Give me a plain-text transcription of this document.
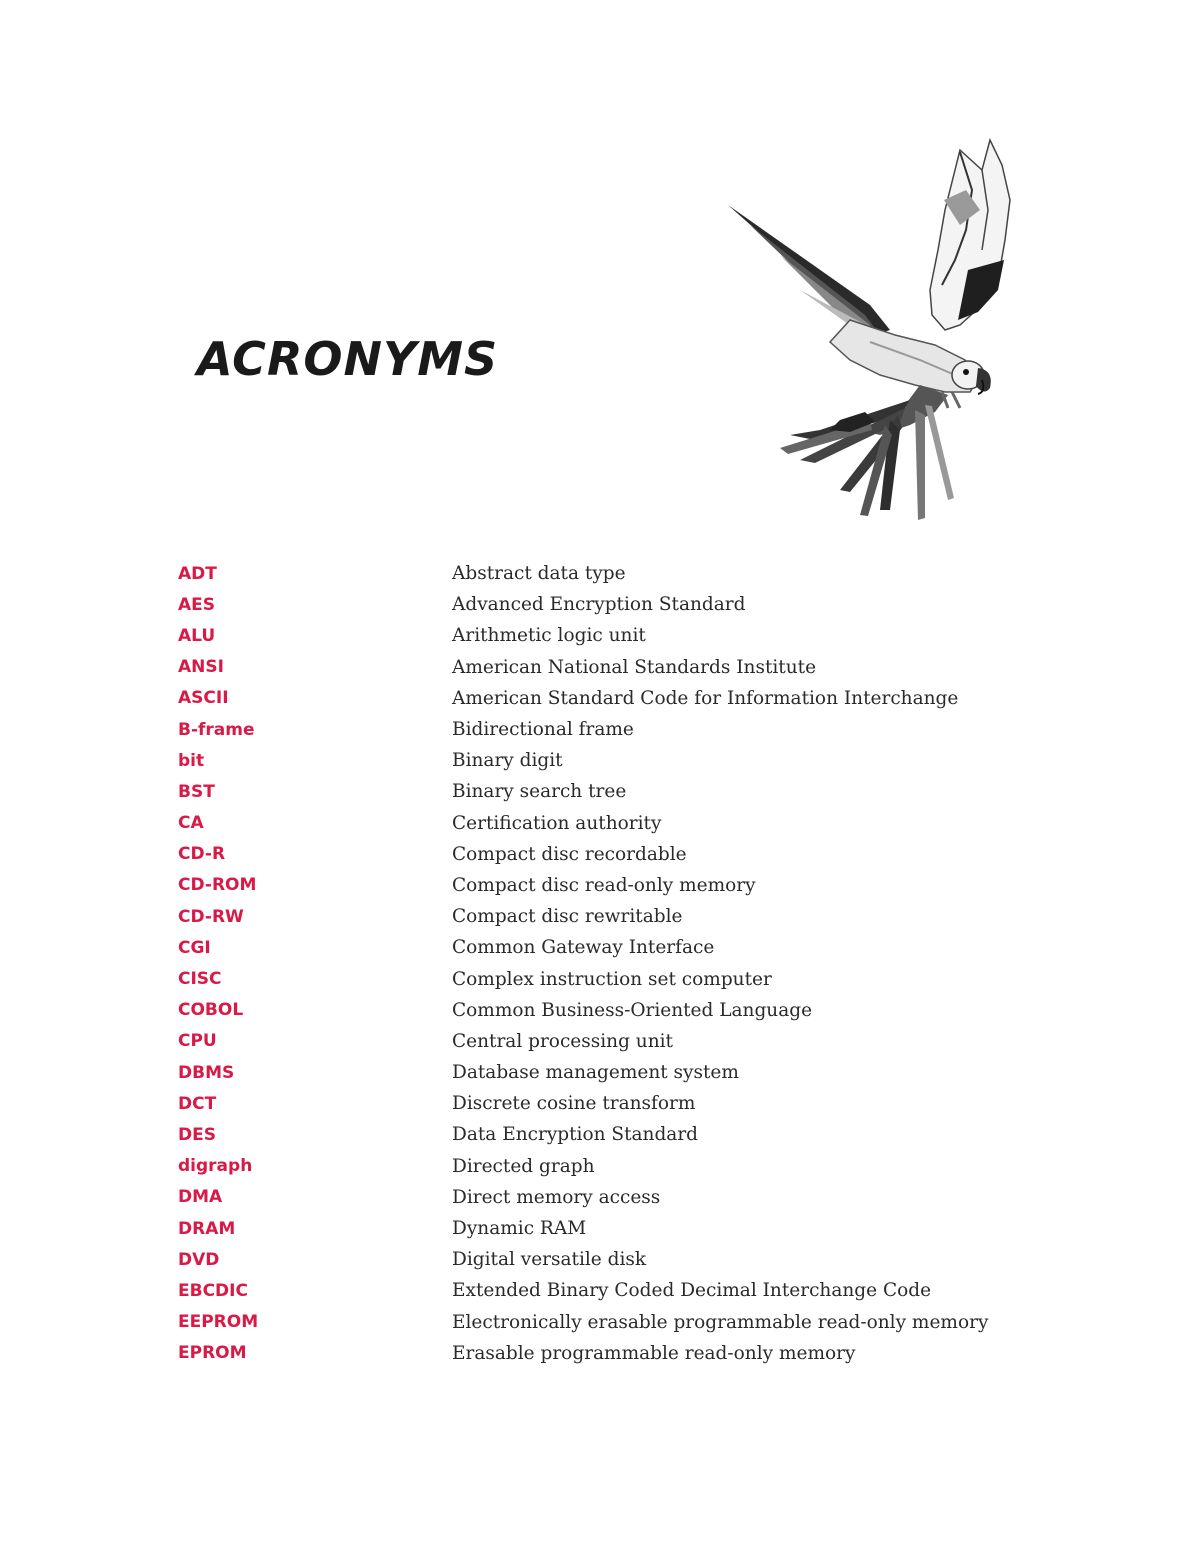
ACRONYMS
ADT	Abstract data type
AES	Advanced Encryption Standard
ALU	Arithmetic logic unit
ANSI	American National Standards Institute
ASCII	American Standard Code for Information Interchange
B-frame	Bidirectional frame
bit	Binary digit
BST	Binary search tree
CA	Certification authority
CD-R	Compact disc recordable
CD-ROM	Compact disc read-only memory
CD-RW	Compact disc rewritable
CGI	Common Gateway Interface
CISC	Complex instruction set computer
COBOL	Common Business-Oriented Language
CPU	Central processing unit
DBMS	Database management system
DCT	Discrete cosine transform
DES	Data Encryption Standard
digraph	Directed graph
DMA	Direct memory access
DRAM	Dynamic RAM
DVD	Digital versatile disk
EBCDIC	Extended Binary Coded Decimal Interchange Code
EEPROM	Electronically erasable programmable read-only memory
EPROM	Erasable programmable read-only memory
